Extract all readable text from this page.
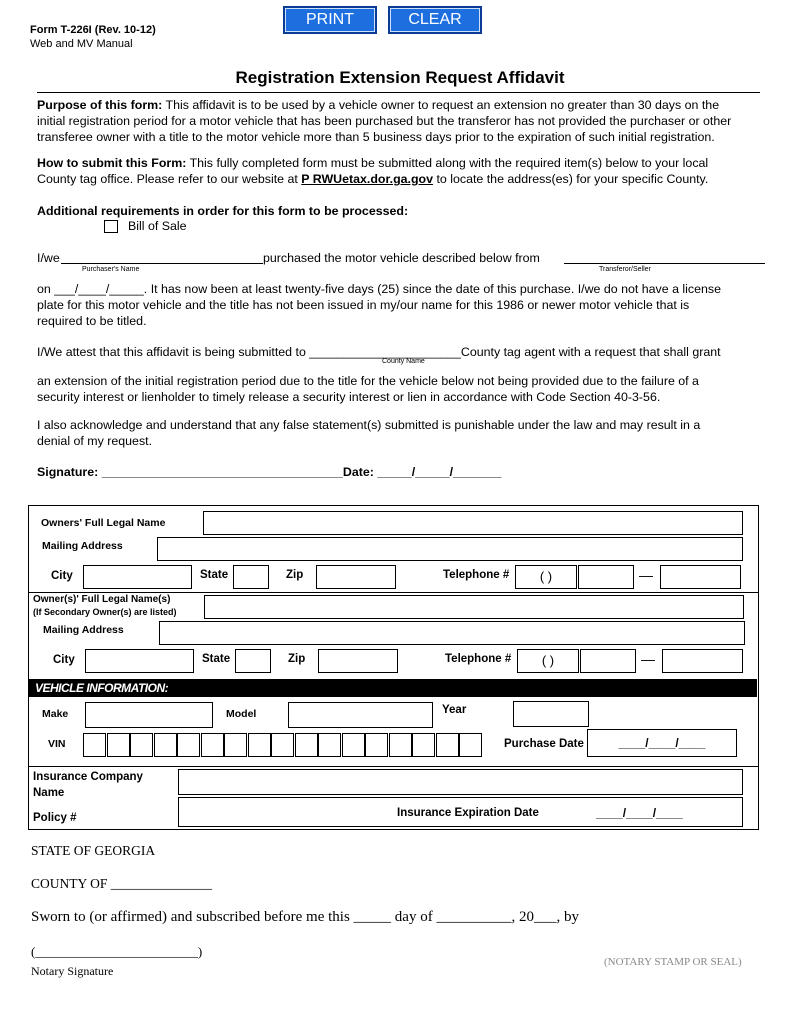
Form T-226I (Rev. 10-12)
Web and MV Manual
PRINT	CLEAR
Registration Extension Request Affidavit
Purpose of this form: This affidavit is to be used by a vehicle owner to request an extension no greater than 30 days on the
initial registration period for a motor vehicle that has been purchased but the transferor has not provided the purchaser or other
transferee owner with a title to the motor vehicle more than 5 business days prior to the expiration of such initial registration.
How to submit this Form: This fully completed form must be submitted along with the required item(s) below to your local
County tag office. Please refer to our website at P RWUetax.dor.ga.gov to locate the address(es) for your specific County.
Additional requirements in order for this form to be processed:
Bill of Sale
I/we	purchased the motor vehicle described below from
Purchaser's Name	Transferor/Seller
on ___/____/_____. It has now been at least twenty-five days (25) since the date of this purchase. I/we do not have a license
plate for this motor vehicle and the title has not been issued in my/our name for this 1986 or newer motor vehicle that is
required to be titled.
I/We attest that this affidavit is being submitted to ______________________County tag agent with a request that shall grant
County Name
an extension of the initial registration period due to the title for the vehicle below not being provided due to the failure of a
security interest or lienholder to timely release a security interest or lien in accordance with Code Section 40-3-56.
I also acknowledge and understand that any false statement(s) submitted is punishable under the law and may result in a
denial of my request.
Signature: ___________________________________Date: _____/_____/_______
Owners' Full Legal Name
Mailing Address
City	State	Zip	Telephone #	( )	—
Owner(s)' Full Legal Name(s)
(If Secondary Owner(s) are listed)
Mailing Address
City	State	Zip	Telephone #	( )	—
VEHICLE INFORMATION:
Make	Model	Year
VIN	Purchase Date	____/____/____
Insurance Company
Name
Policy #	Insurance Expiration Date	____/____/____
STATE OF GEORGIA
COUNTY OF _______________
Sworn to (or affirmed) and subscribed before me this _____ day of __________, 20___, by
(_________________________)
Notary Signature
(NOTARY STAMP OR SEAL)
